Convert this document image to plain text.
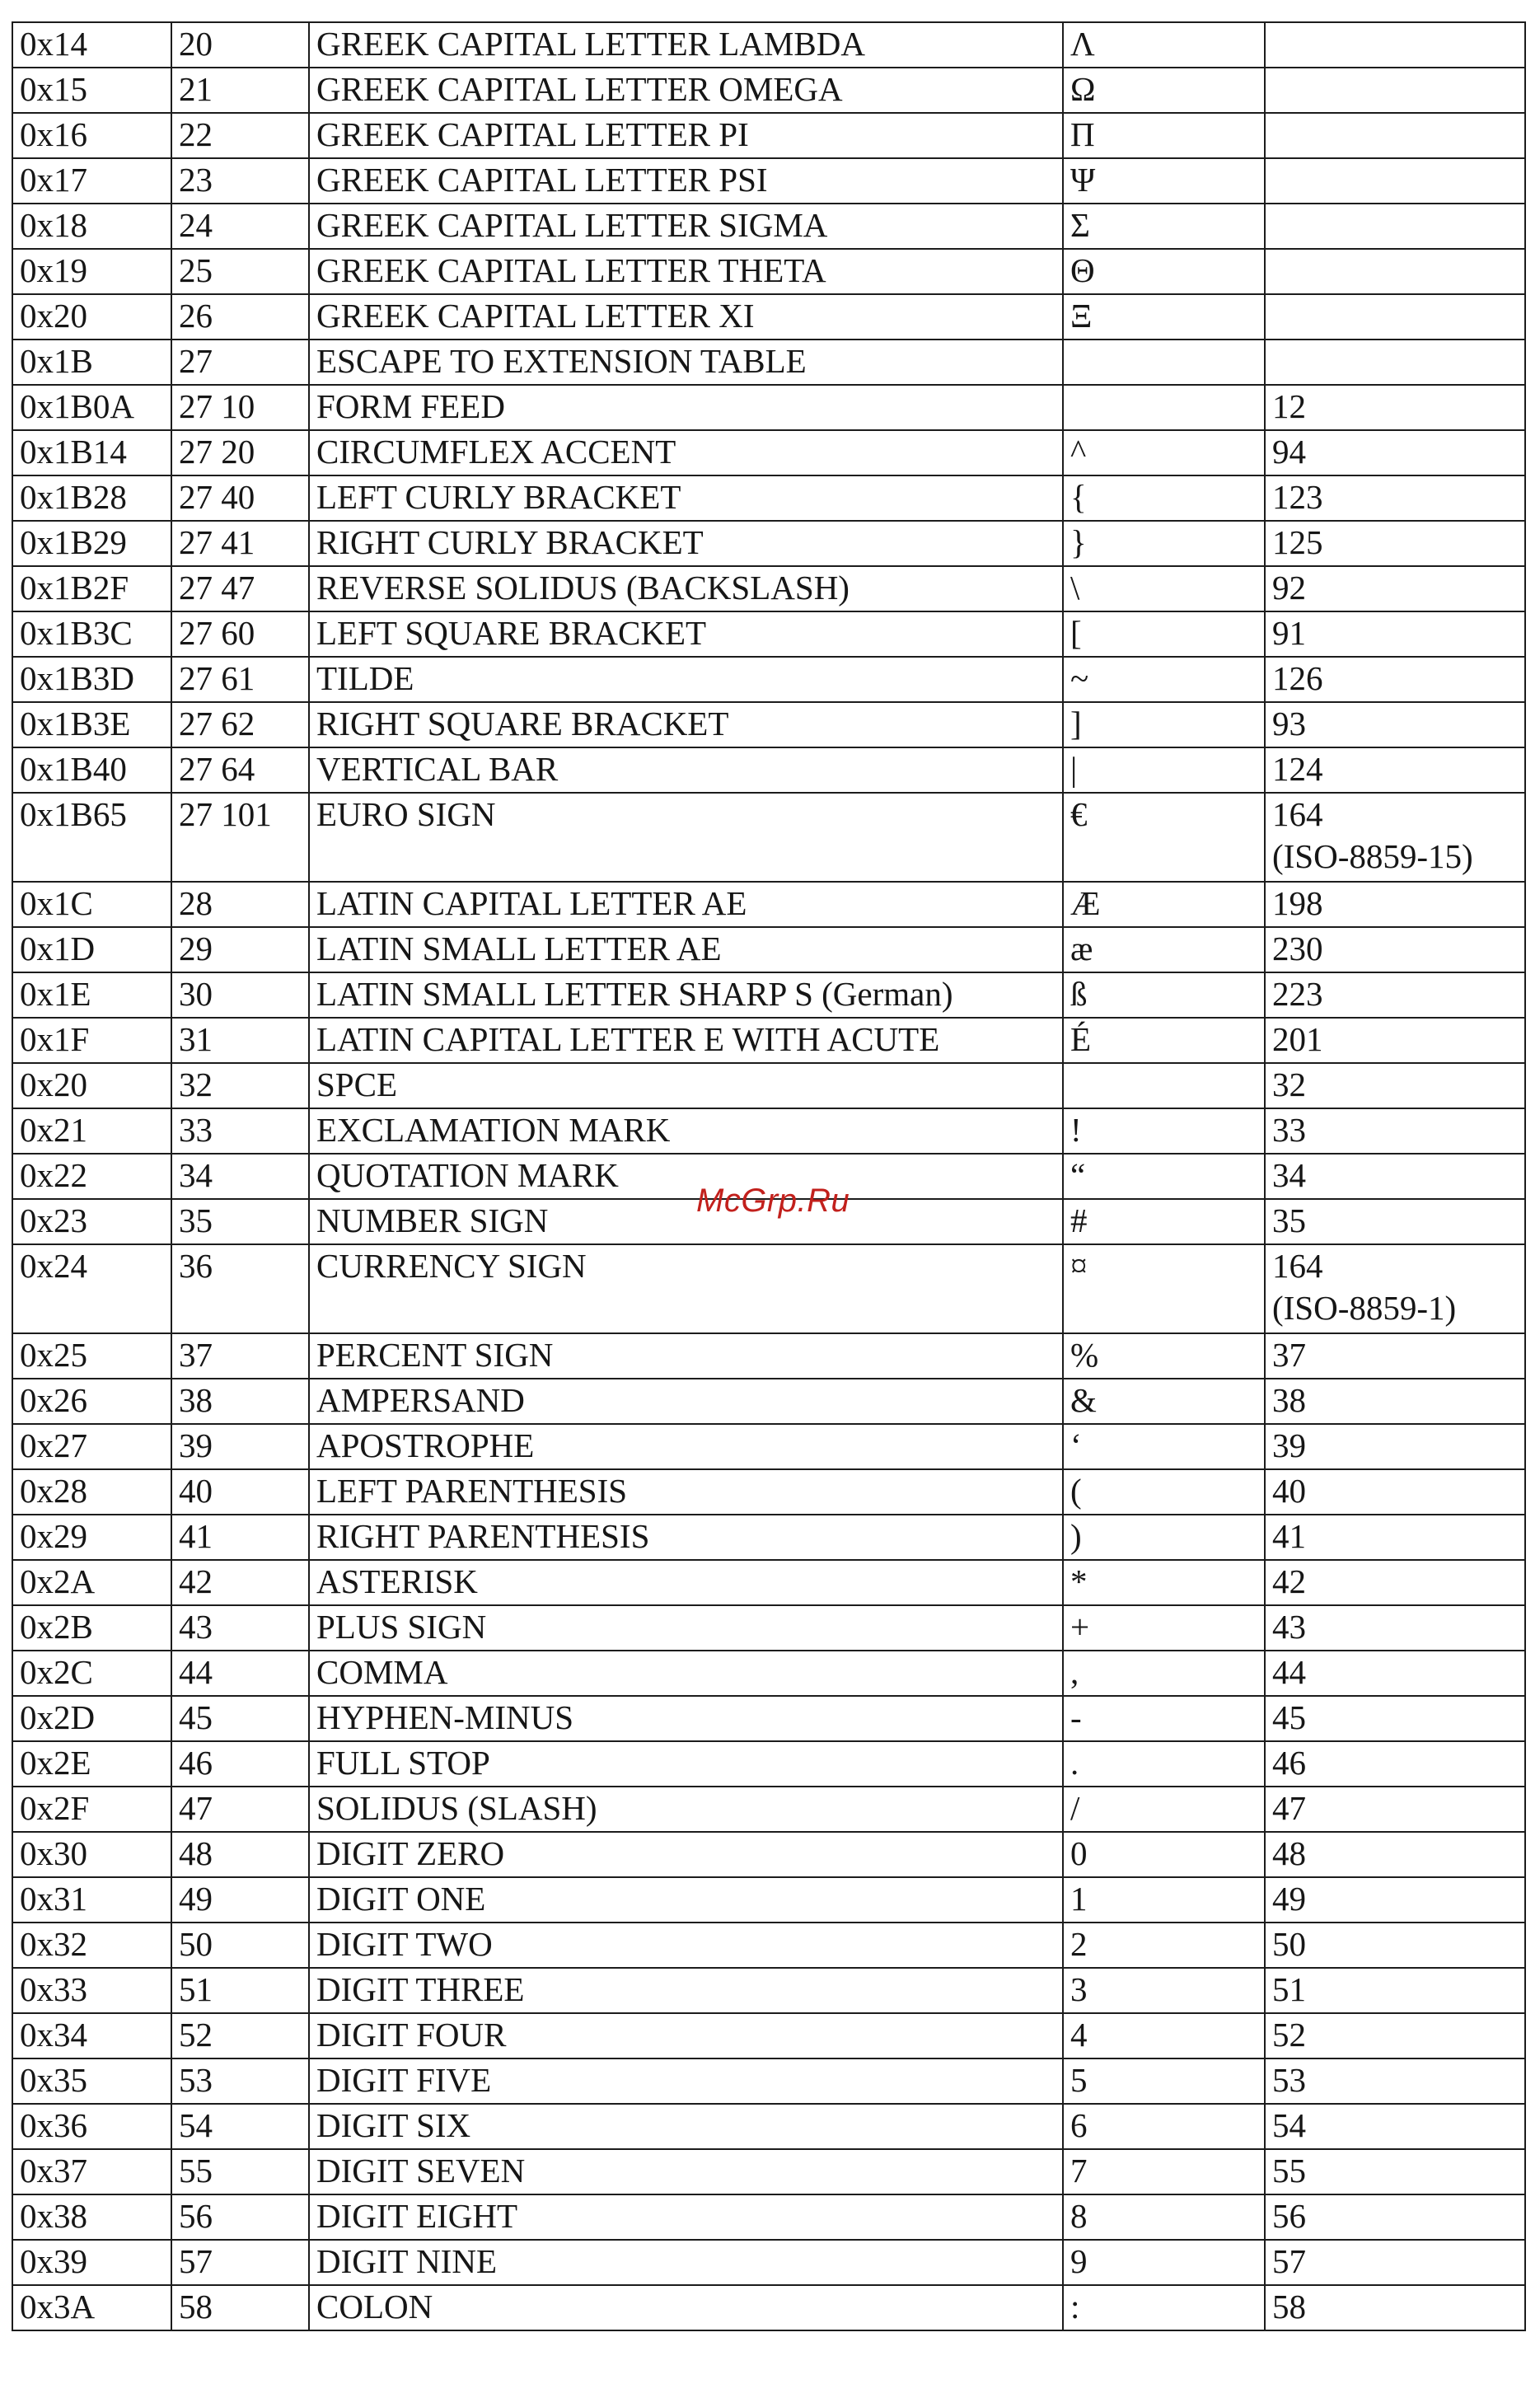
0x14	20	GREEK CAPITAL LETTER LAMBDA	Λ	
0x15	21	GREEK CAPITAL LETTER OMEGA	Ω	
0x16	22	GREEK CAPITAL LETTER PI	Π	
0x17	23	GREEK CAPITAL LETTER PSI	Ψ	
0x18	24	GREEK CAPITAL LETTER SIGMA	Σ	
0x19	25	GREEK CAPITAL LETTER THETA	Θ	
0x20	26	GREEK CAPITAL LETTER XI	Ξ	
0x1B	27	ESCAPE TO EXTENSION TABLE		
0x1B0A	27 10	FORM FEED		12
0x1B14	27 20	CIRCUMFLEX ACCENT	^	94
0x1B28	27 40	LEFT CURLY BRACKET	{	123
0x1B29	27 41	RIGHT CURLY BRACKET	}	125
0x1B2F	27 47	REVERSE SOLIDUS (BACKSLASH)	\	92
0x1B3C	27 60	LEFT SQUARE BRACKET	[	91
0x1B3D	27 61	TILDE	~	126
0x1B3E	27 62	RIGHT SQUARE BRACKET	]	93
0x1B40	27 64	VERTICAL BAR	|	124
0x1B65	27 101	EURO SIGN	€	164
(ISO-8859-15)
0x1C	28	LATIN CAPITAL LETTER AE	Æ	198
0x1D	29	LATIN SMALL LETTER AE	æ	230
0x1E	30	LATIN SMALL LETTER SHARP S (German)	ß	223
0x1F	31	LATIN CAPITAL LETTER E WITH ACUTE	É	201
0x20	32	SPCE		32
0x21	33	EXCLAMATION MARK	!	33
0x22	34	QUOTATION MARK	“	34
0x23	35	NUMBER SIGN	#	35
0x24	36	CURRENCY SIGN	¤	164
(ISO-8859-1)
0x25	37	PERCENT SIGN	%	37
0x26	38	AMPERSAND	&	38
0x27	39	APOSTROPHE	‘	39
0x28	40	LEFT PARENTHESIS	(	40
0x29	41	RIGHT PARENTHESIS	)	41
0x2A	42	ASTERISK	*	42
0x2B	43	PLUS SIGN	+	43
0x2C	44	COMMA	,	44
0x2D	45	HYPHEN-MINUS	-	45
0x2E	46	FULL STOP	.	46
0x2F	47	SOLIDUS (SLASH)	/	47
0x30	48	DIGIT ZERO	0	48
0x31	49	DIGIT ONE	1	49
0x32	50	DIGIT TWO	2	50
0x33	51	DIGIT THREE	3	51
0x34	52	DIGIT FOUR	4	52
0x35	53	DIGIT FIVE	5	53
0x36	54	DIGIT SIX	6	54
0x37	55	DIGIT SEVEN	7	55
0x38	56	DIGIT EIGHT	8	56
0x39	57	DIGIT NINE	9	57
0x3A	58	COLON	:	58
McGrp.Ru
